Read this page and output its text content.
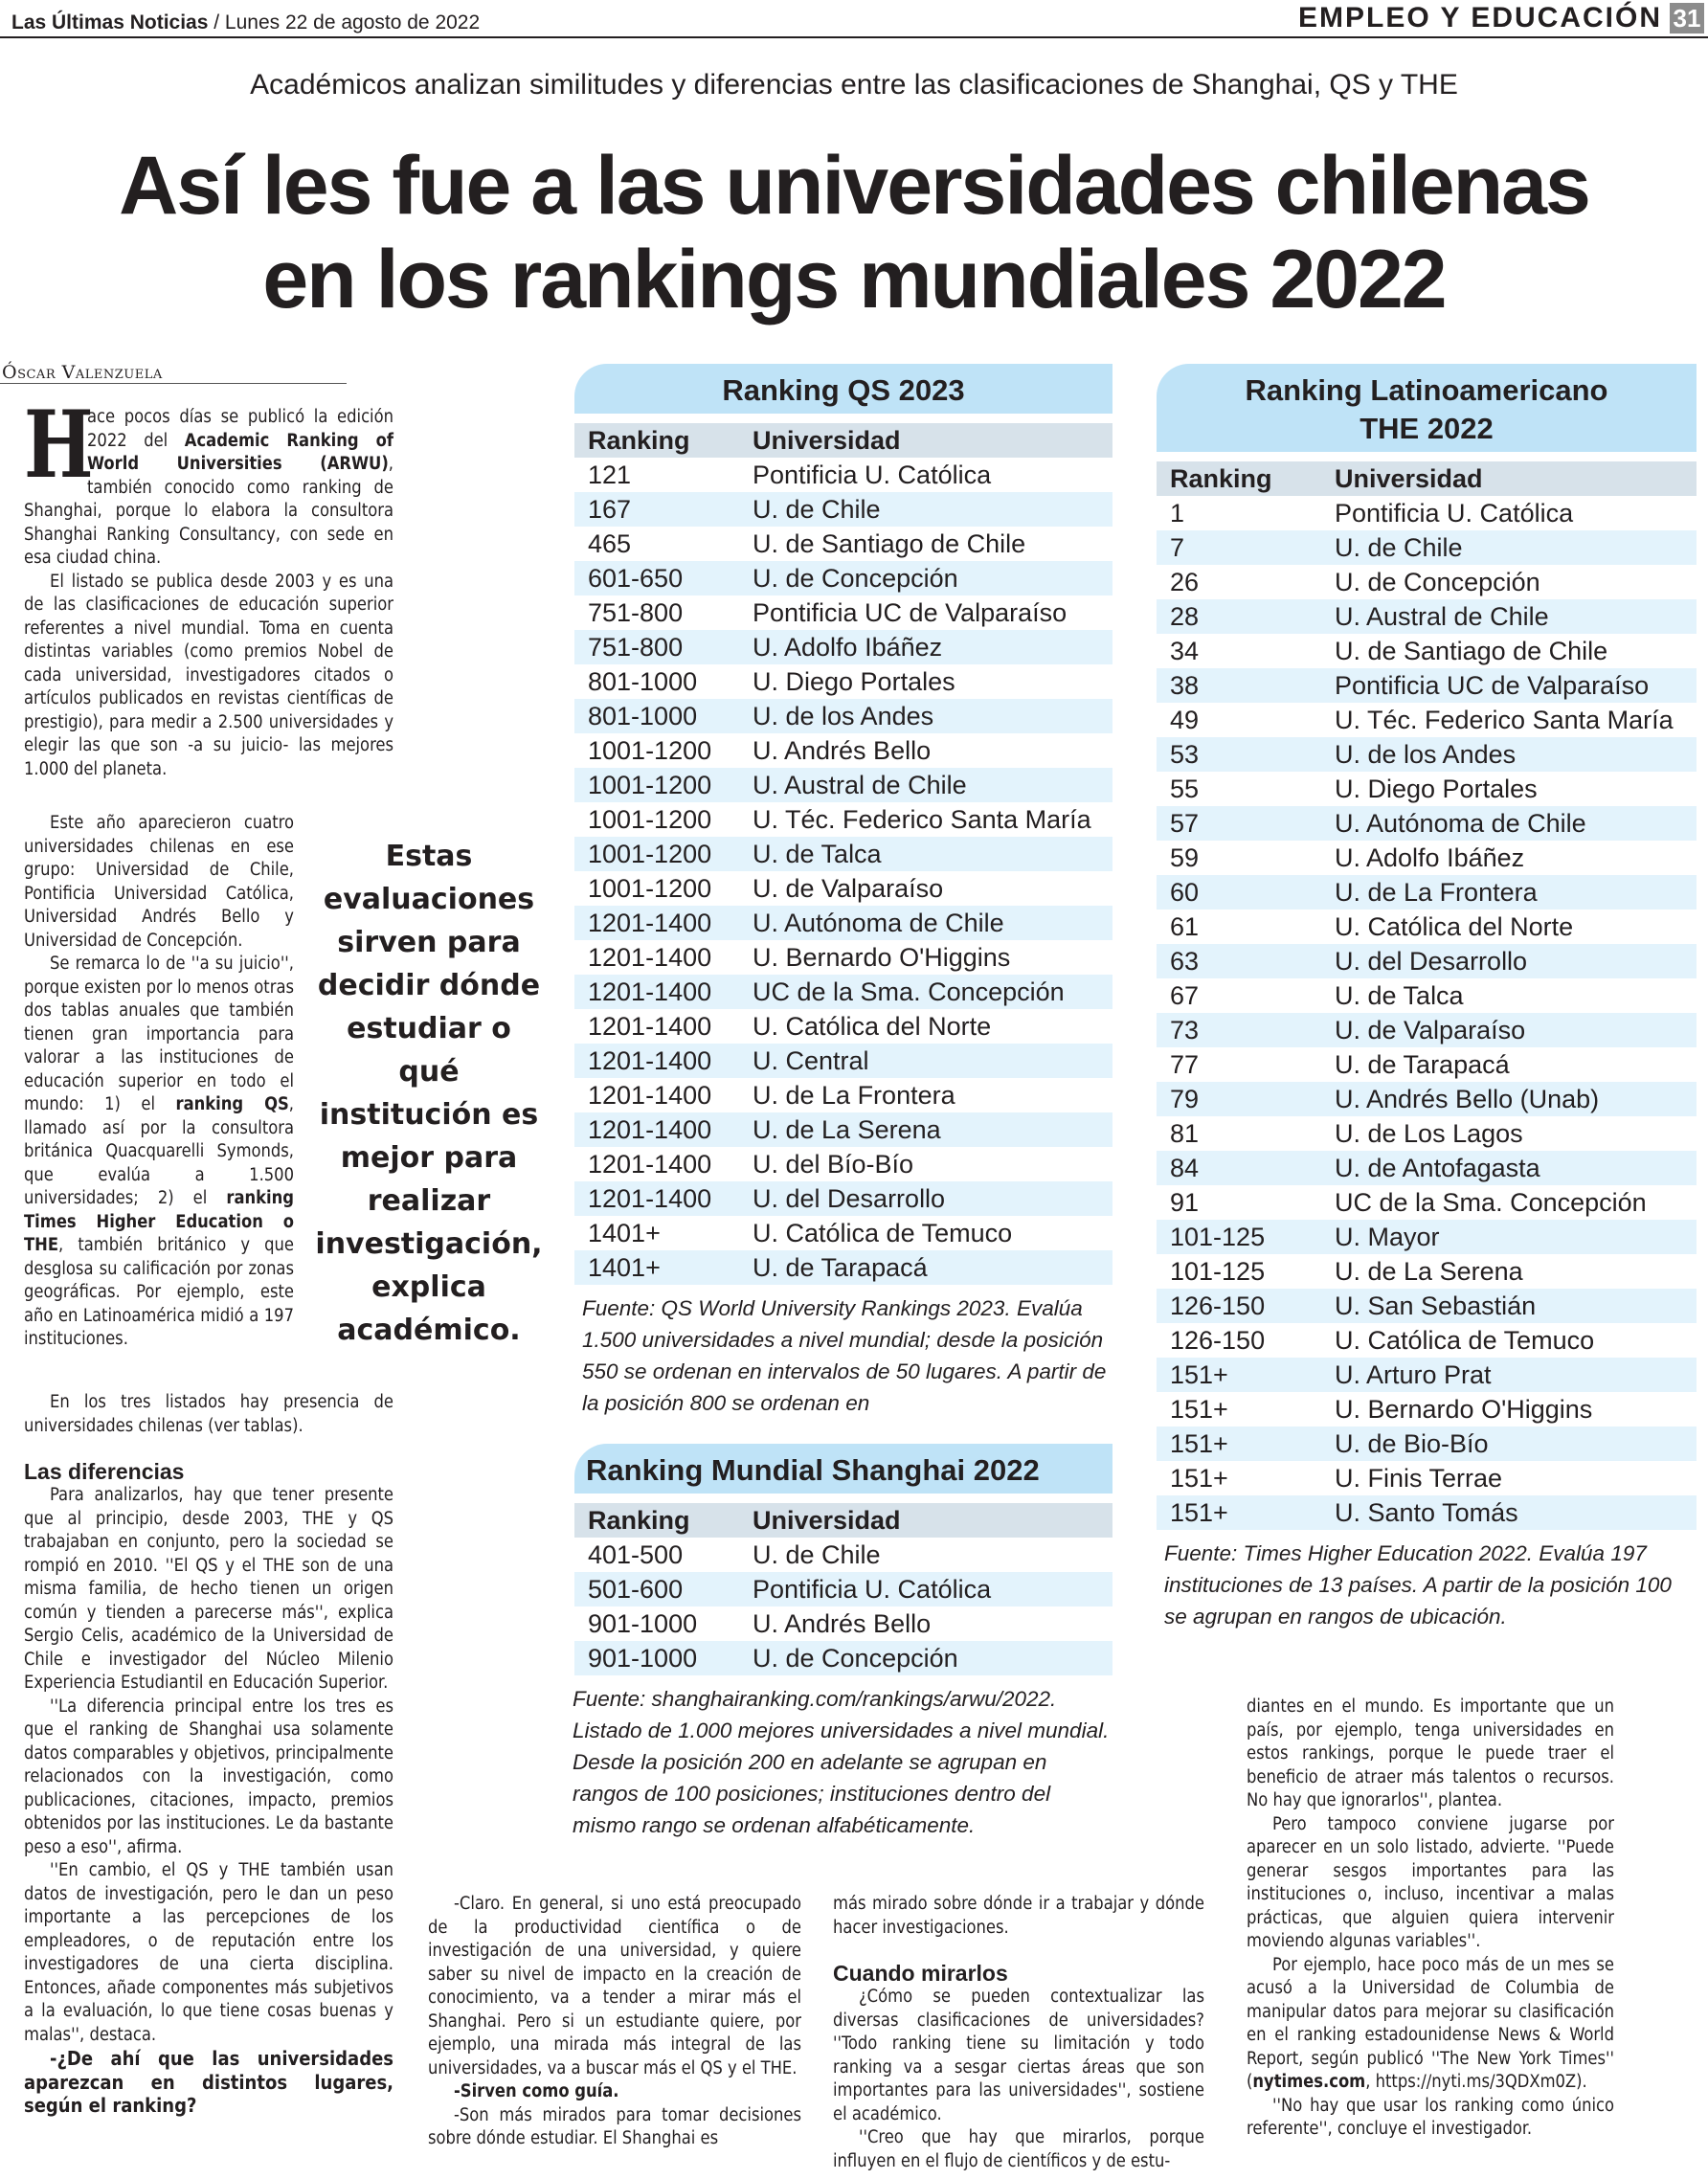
Las Últimas Noticias / Lunes 22 de agosto de 2022	EMPLEO Y EDUCACIÓN 31
Académicos analizan similitudes y diferencias entre las clasificaciones de Shanghai, QS y THE
Así les fue a las universidades chilenas
en los rankings mundiales 2022
Óscar Valenzuela

H
ace pocos días se publicó la edición 2022 del Academic Ranking of World Universities (ARWU), también conocido como ranking de Shanghai, porque lo elabora la consultora Shanghai Ranking Consultancy, con sede en esa ciudad china.

El listado se publica desde 2003 y es una de las clasificaciones de educación superior referentes a nivel mundial. Toma en cuenta distintas variables (como premios Nobel de cada universidad, investigadores citados o artículos publicados en revistas científicas de prestigio), para medir a 2.500 universidades y elegir las que son -a su juicio- las mejores 1.000 del planeta.

Este año aparecieron cuatro universidades chilenas en ese grupo: Universidad de Chile, Pontificia Universidad Católica, Universidad Andrés Bello y Universidad de Concepción.

Se remarca lo de ''a su juicio'', porque existen por lo menos otras dos tablas anuales que también tienen gran importancia para valorar a las instituciones de educación superior en todo el mundo: 1) el ranking QS, llamado así por la consultora británica Quacquarelli Symonds, que evalúa a 1.500 universidades; 2) el ranking Times Higher Education o THE, también británico y que desglosa su calificación por zonas geográficas. Por ejemplo, este año en Latinoamérica midió a 197 instituciones.

En los tres listados hay presencia de universidades chilenas (ver tablas).

Las diferencias

Para analizarlos, hay que tener presente que al principio, desde 2003, THE y QS trabajaban en conjunto, pero la sociedad se rompió en 2010. ''El QS y el THE son de una misma familia, de hecho tienen un origen común y tienden a parecerse más'', explica Sergio Celis, académico de la Universidad de Chile e investigador del Núcleo Milenio Experiencia Estudiantil en Educación Superior.

''La diferencia principal entre los tres es que el ranking de Shanghai usa solamente datos comparables y objetivos, principalmente relacionados con la investigación, como publicaciones, citaciones, impacto, premios obtenidos por las instituciones. Le da bastante peso a eso'', afirma.

''En cambio, el QS y THE también usan datos de investigación, pero le dan un peso importante a las percepciones de los empleadores, o de reputación entre los investigadores de una cierta disciplina. Entonces, añade componentes más subjetivos a la evaluación, lo que tiene cosas buenas y malas'', destaca.

-¿De ahí que las universidades aparezcan en distintos lugares, según el ranking?

Estas evaluaciones sirven para decidir dónde estudiar o qué institución es mejor para realizar investigación, explica académico.
Ranking QS 2023
Ranking	Universidad
121	Pontificia U. Católica
167	U. de Chile
465	U. de Santiago de Chile
601-650	U. de Concepción
751-800	Pontificia UC de Valparaíso
751-800	U. Adolfo Ibáñez
801-1000	U. Diego Portales
801-1000	U. de los Andes
1001-1200	U. Andrés Bello
1001-1200	U. Austral de Chile
1001-1200	U. Téc. Federico Santa María
1001-1200	U. de Talca
1001-1200	U. de Valparaíso
1201-1400	U. Autónoma de Chile
1201-1400	U. Bernardo O'Higgins
1201-1400	UC de la Sma. Concepción
1201-1400	U. Católica del Norte
1201-1400	U. Central
1201-1400	U. de La Frontera
1201-1400	U. de La Serena
1201-1400	U. del Bío-Bío
1201-1400	U. del Desarrollo
1401+	U. Católica de Temuco
1401+	U. de Tarapacá
Fuente: QS World University Rankings 2023. Evalúa 1.500 universidades a nivel mundial; desde la posición 550 se ordenan en intervalos de 50 lugares. A partir de la posición 800 se ordenan en
Ranking Mundial Shanghai 2022
Ranking	Universidad
401-500	U. de Chile
501-600	Pontificia U. Católica
901-1000	U. Andrés Bello
901-1000	U. de Concepción
Fuente: shanghairanking.com/rankings/arwu/2022. Listado de 1.000 mejores universidades a nivel mundial. Desde la posición 200 en adelante se agrupan en rangos de 100 posiciones; instituciones dentro del mismo rango se ordenan alfabéticamente.
Ranking Latinoamericano
THE 2022
Ranking	Universidad
1	Pontificia U. Católica
7	U. de Chile
26	U. de Concepción
28	U. Austral de Chile
34	U. de Santiago de Chile
38	Pontificia UC de Valparaíso
49	U. Téc. Federico Santa María
53	U. de los Andes
55	U. Diego Portales
57	U. Autónoma de Chile
59	U. Adolfo Ibáñez
60	U. de La Frontera
61	U. Católica del Norte
63	U. del Desarrollo
67	U. de Talca
73	U. de Valparaíso
77	U. de Tarapacá
79	U. Andrés Bello (Unab)
81	U. de Los Lagos
84	U. de Antofagasta
91	UC de la Sma. Concepción
101-125	U. Mayor
101-125	U. de La Serena
126-150	U. San Sebastián
126-150	U. Católica de Temuco
151+	U. Arturo Prat
151+	U. Bernardo O'Higgins
151+	U. de Bio-Bío
151+	U. Finis Terrae
151+	U. Santo Tomás
Fuente: Times Higher Education 2022. Evalúa 197 instituciones de 13 países. A partir de la posición 100 se agrupan en rangos de ubicación.

-Claro. En general, si uno está preocupado de la productividad científica o de investigación de una universidad, y quiere saber su nivel de impacto en la creación de conocimiento, va a tender a mirar más el Shanghai. Pero si un estudiante quiere, por ejemplo, una mirada más integral de las universidades, va a buscar más el QS y el THE.

-Sirven como guía.

-Son más mirados para tomar decisiones sobre dónde estudiar. El Shanghai es

más mirado sobre dónde ir a trabajar y dónde hacer investigaciones.

Cuando mirarlos

¿Cómo se pueden contextualizar las diversas clasificaciones de universidades? ''Todo ranking tiene su limitación y todo ranking va a sesgar ciertas áreas que son importantes para las universidades'', sostiene el académico.

''Creo que hay que mirarlos, porque influyen en el flujo de científicos y de estu-

diantes en el mundo. Es importante que un país, por ejemplo, tenga universidades en estos rankings, porque le puede traer el beneficio de atraer más talentos o recursos. No hay que ignorarlos'', plantea.

Pero tampoco conviene jugarse por aparecer en un solo listado, advierte. ''Puede generar sesgos importantes para las instituciones o, incluso, incentivar a malas prácticas, que alguien quiera intervenir moviendo algunas variables''.

Por ejemplo, hace poco más de un mes se acusó a la Universidad de Columbia de manipular datos para mejorar su clasificación en el ranking estadounidense News & World Report, según publicó ''The New York Times'' (nytimes.com, https://nyti.ms/3QDXm0Z).

''No hay que usar los ranking como único referente'', concluye el investigador.
